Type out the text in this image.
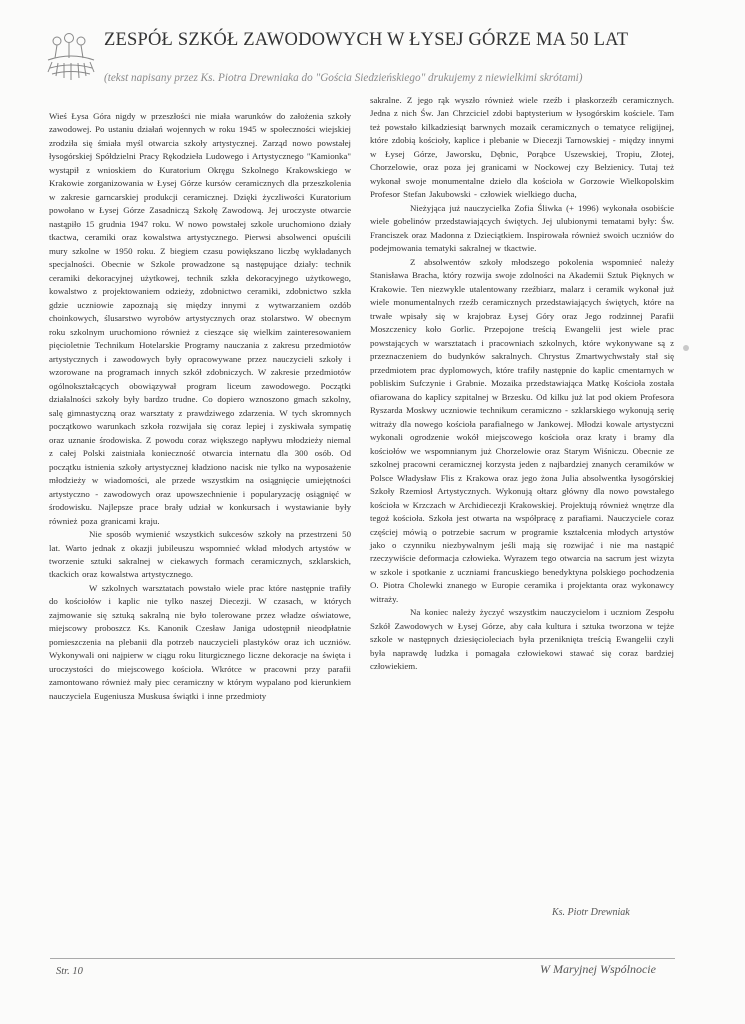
ZESPÓŁ SZKÓŁ ZAWODOWYCH W ŁYSEJ GÓRZE MA 50 LAT
(tekst napisany przez Ks. Piotra Drewniaka do "Gościa Siedzieńskiego" drukujemy z niewielkimi skrótami)

Wieś Łysa Góra nigdy w przeszłości nie miała warunków do założenia szkoły zawodowej. Po ustaniu działań wojennych w roku 1945 w społeczności wiejskiej zrodziła się śmiała myśl otwarcia szkoły artystycznej. Zarząd nowo powstałej łysogórskiej Spółdzielni Pracy Rękodzieła Ludowego i Artystycznego "Kamionka" wystąpił z wnioskiem do Kuratorium Okręgu Szkolnego Krakowskiego w Krakowie zorganizowania w Łysej Górze kursów ceramicznych dla przeszkolenia w zakresie garncarskiej produkcji ceramicznej. Dzięki życzliwości Kuratorium powołano w Łysej Górze Zasadniczą Szkołę Zawodową. Jej uroczyste otwarcie nastąpiło 15 grudnia 1947 roku. W nowo powstałej szkole uruchomiono działy tkactwa, ceramiki oraz kowalstwa artystycznego. Pierwsi absolwenci opuścili mury szkolne w 1950 roku. Z biegiem czasu powiększano liczbę wykładanych specjalności. Obecnie w Szkole prowadzone są następujące działy: technik ceramiki dekoracyjnej użytkowej, technik szkła dekoracyjnego użytkowego, kowalstwo z projektowaniem odzieży, zdobnictwo ceramiki, zdobnictwo szkła gdzie uczniowie zapoznają się między innymi z wytwarzaniem ozdób choinkowych, ślusarstwo wyrobów artystycznych oraz stolarstwo. W obecnym roku szkolnym uruchomiono również z cieszące się wielkim zainteresowaniem pięcioletnie Technikum Hotelarskie Programy nauczania z zakresu przedmiotów artystycznych i zawodowych były opracowywane przez nauczycieli szkoły i wzorowane na programach innych szkół zdobniczych. W zakresie przedmiotów ogólnokształcących obowiązywał program liceum zawodowego. Początki działalności szkoły były bardzo trudne. Co dopiero wznoszono gmach szkolny, salę gimnastyczną oraz warsztaty z prawdziwego zdarzenia. W tych skromnych początkowo warunkach szkoła rozwijała się coraz lepiej i zyskiwała sympatię oraz uznanie środowiska. Z powodu coraz większego napływu młodzieży niemal z całej Polski zaistniała konieczność otwarcia internatu dla 300 osób. Od początku istnienia szkoły artystycznej kładziono nacisk nie tylko na wyposażenie młodzieży w wiadomości, ale przede wszystkim na osiągnięcie umiejętności artystyczno - zawodowych oraz upowszechnienie i popularyzację osiągnięć w środowisku. Najlepsze prace brały udział w konkursach i wystawianie były również poza granicami kraju.

Nie sposób wymienić wszystkich sukcesów szkoły na przestrzeni 50 lat. Warto jednak z okazji jubileuszu wspomnieć wkład młodych artystów w tworzenie sztuki sakralnej w ciekawych formach ceramicznych, szklarskich, tkackich oraz kowalstwa artystycznego.

W szkolnych warsztatach powstało wiele prac które następnie trafiły do kościołów i kaplic nie tylko naszej Diecezji. W czasach, w których zajmowanie się sztuką sakralną nie było tolerowane przez władze oświatowe, miejscowy proboszcz Ks. Kanonik Czesław Janiga udostępnił nieodpłatnie pomieszczenia na plebanii dla potrzeb nauczycieli plastyków oraz ich uczniów. Wykonywali oni najpierw w ciągu roku liturgicznego liczne dekoracje na święta i uroczystości do miejscowego kościoła. Wkrótce w pracowni przy parafii zamontowano również mały piec ceramiczny w którym wypalano pod kierunkiem nauczyciela Eugeniusza Muskusa świątki i inne przedmioty

sakralne. Z jego rąk wyszło również wiele rzeźb i płaskorzeźb ceramicznych. Jedna z nich Św. Jan Chrzciciel zdobi baptysterium w łysogórskim kościele. Tam też powstało kilkadziesiąt barwnych mozaik ceramicznych o tematyce religijnej, które zdobią kościoły, kaplice i plebanie w Diecezji Tarnowskiej - między innymi w Łysej Górze, Jaworsku, Dębnic, Porąbce Uszewskiej, Tropiu, Złotej, Chorzelowie, oraz poza jej granicami w Nockowej czy Bełzienicy. Tutaj też wykonał swoje monumentalne dzieło dla kościoła w Gorzowie Wielkopolskim Profesor Stefan Jakubowski - człowiek wielkiego ducha,

Nieżyjąca już nauczycielka Zofia Śliwka (+ 1996) wykonała osobiście wiele gobelinów przedstawiających świętych. Jej ulubionymi tematami były: Św. Franciszek oraz Madonna z Dzieciątkiem. Inspirowała również swoich uczniów do podejmowania tematyki sakralnej w tkactwie.

Z absolwentów szkoły młodszego pokolenia wspomnieć należy Stanisława Bracha, który rozwija swoje zdolności na Akademii Sztuk Pięknych w Krakowie. Ten niezwykle utalentowany rzeźbiarz, malarz i ceramik wykonał już wiele monumentalnych rzeźb ceramicznych przedstawiających świętych, które na trwałe wpisały się w krajobraz Łysej Góry oraz Jego rodzinnej Parafii Moszczenicy koło Gorlic. Przepojone treścią Ewangelii jest wiele prac powstających w warsztatach i pracowniach szkolnych, które wykonywane są z przeznaczeniem do budynków sakralnych. Chrystus Zmartwychwstały stał się przedmiotem prac dyplomowych, które trafiły następnie do kaplic cmentarnych w pobliskim Sufczynie i Grabnie. Mozaika przedstawiająca Matkę Kościoła została ofiarowana do kaplicy szpitalnej w Brzesku. Od kilku już lat pod okiem Profesora Ryszarda Moskwy uczniowie technikum ceramiczno - szklarskiego wykonują serię witraży dla nowego kościoła parafialnego w Jankowej. Młodzi kowale artystyczni wykonali ogrodzenie wokół miejscowego kościoła oraz kraty i bramy dla kościołów we wspomnianym już Chorzelowie oraz Starym Wiśniczu. Obecnie ze szkolnej pracowni ceramicznej korzysta jeden z najbardziej znanych ceramików w Polsce Władysław Flis z Krakowa oraz jego żona Julia absolwentka łysogórskiej Szkoły Rzemiosł Artystycznych. Wykonują ołtarz główny dla nowo powstałego kościoła w Krzczach w Archidiecezji Krakowskiej. Projektują również wnętrze dla tegoż kościoła. Szkoła jest otwarta na współpracę z parafiami. Nauczyciele coraz częściej mówią o potrzebie sacrum w programie kształcenia młodych artystów jako o czynniku niezbywalnym jeśli mają się rozwijać i nie ma nastąpić rzeczywiście deformacja człowieka. Wyrazem tego otwarcia na sacrum jest wizyta w szkole i spotkanie z uczniami francuskiego benedyktyna polskiego pochodzenia O. Piotra Cholewki znanego w Europie ceramika i projektanta oraz wykonawcy witraży.

Na koniec należy życzyć wszystkim nauczycielom i uczniom Zespołu Szkół Zawodowych w Łysej Górze, aby cała kultura i sztuka tworzona w tejże szkole w następnych dziesięcioleciach była przeniknięta treścią Ewangelii czyli była naprawdę ludzka i pomagała człowiekowi stawać się coraz bardziej człowiekiem.

Ks. Piotr Drewniak
Str. 10	W Maryjnej Wspólnocie
